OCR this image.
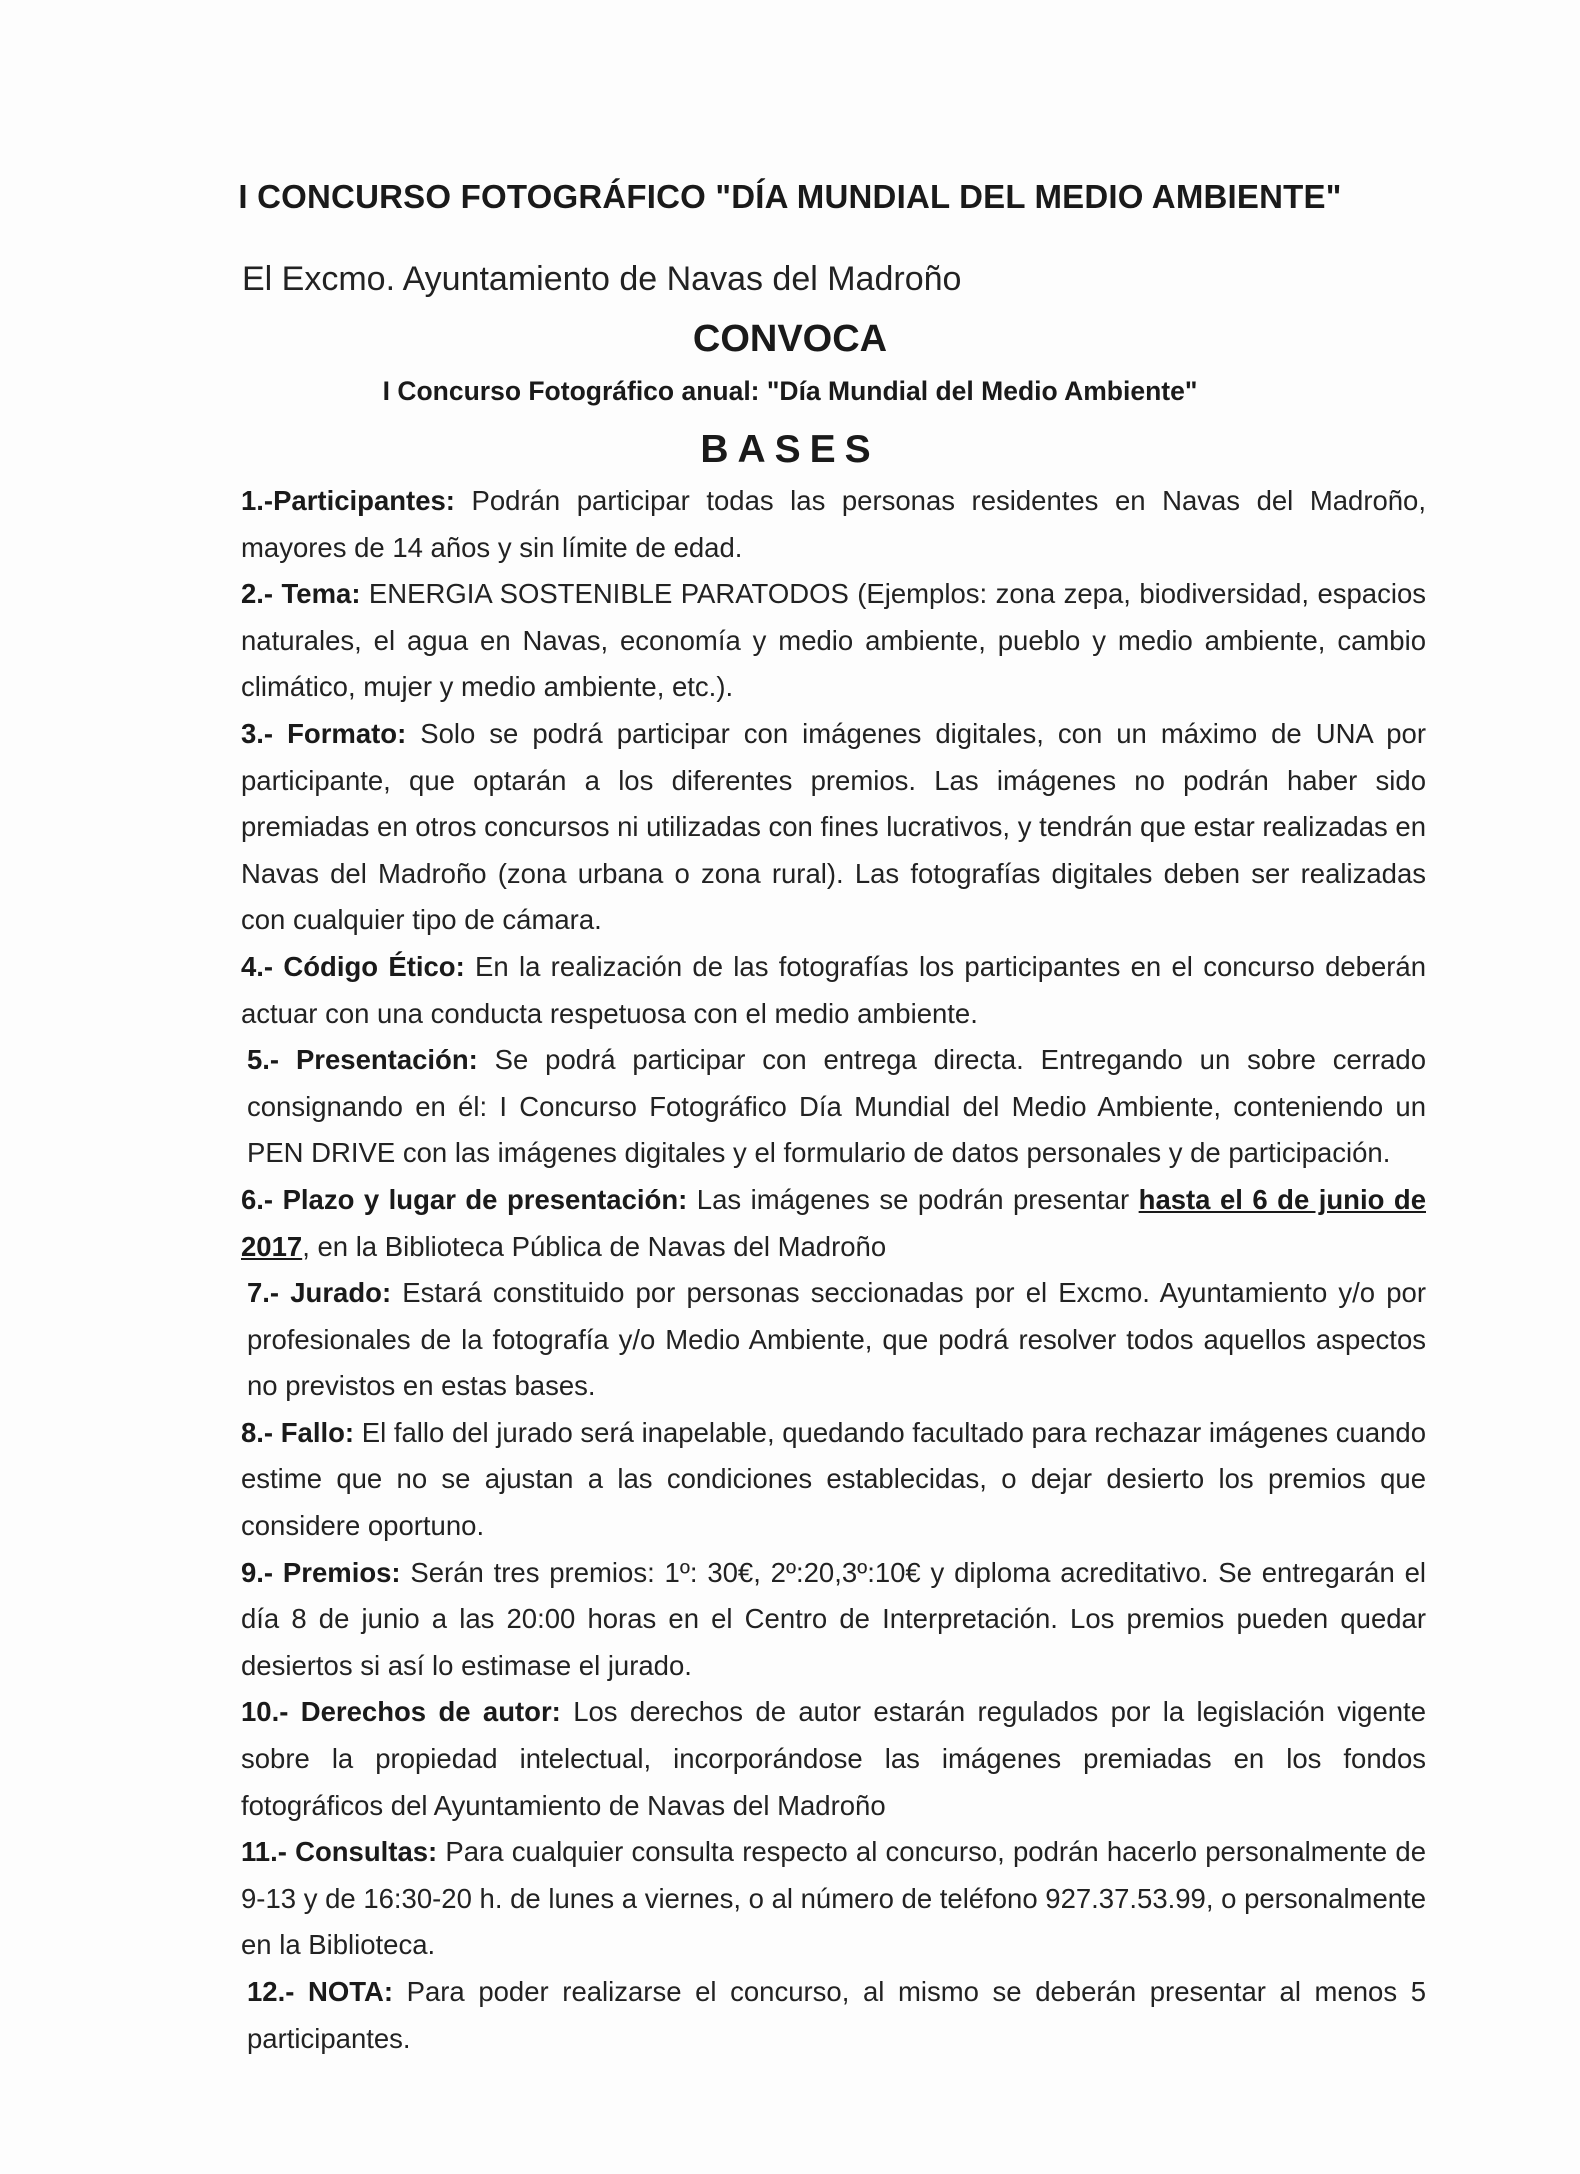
I CONCURSO FOTOGRÁFICO "DÍA MUNDIAL DEL MEDIO AMBIENTE"
El Excmo. Ayuntamiento de Navas del Madroño
CONVOCA
I Concurso Fotográfico anual: "Día Mundial del Medio Ambiente"
BASES

1.-Participantes: Podrán participar todas las personas residentes en Navas del Madroño, mayores de 14 años y sin límite de edad.

2.- Tema: ENERGIA SOSTENIBLE PARATODOS (Ejemplos: zona zepa, biodiversidad, espacios naturales, el agua en Navas, economía y medio ambiente, pueblo y medio ambiente, cambio climático, mujer y medio ambiente, etc.).

3.- Formato: Solo se podrá participar con imágenes digitales, con un máximo de UNA por participante, que optarán a los diferentes premios. Las imágenes no podrán haber sido premiadas en otros concursos ni utilizadas con fines lucrativos, y tendrán que estar realizadas en Navas del Madroño (zona urbana o zona rural). Las fotografías digitales deben ser realizadas con cualquier tipo de cámara.

4.- Código Ético: En la realización de las fotografías los participantes en el concurso deberán actuar con una conducta respetuosa con el medio ambiente.

5.- Presentación: Se podrá participar con entrega directa. Entregando un sobre cerrado consignando en él: I Concurso Fotográfico Día Mundial del Medio Ambiente, conteniendo un PEN DRIVE con las imágenes digitales y el formulario de datos personales y de participación.

6.- Plazo y lugar de presentación: Las imágenes se podrán presentar hasta el 6 de junio de 2017, en la Biblioteca Pública de Navas del Madroño

7.- Jurado: Estará constituido por personas seccionadas por el Excmo. Ayuntamiento y/o por profesionales de la fotografía y/o Medio Ambiente, que podrá resolver todos aquellos aspectos no previstos en estas bases.

8.- Fallo: El fallo del jurado será inapelable, quedando facultado para rechazar imágenes cuando estime que no se ajustan a las condiciones establecidas, o dejar desierto los premios que considere oportuno.

9.- Premios: Serán tres premios: 1º: 30€, 2º:20,3º:10€ y diploma acreditativo. Se entregarán el día 8 de junio a las 20:00 horas en el Centro de Interpretación. Los premios pueden quedar desiertos si así lo estimase el jurado.

10.- Derechos de autor: Los derechos de autor estarán regulados por la legislación vigente sobre la propiedad intelectual, incorporándose las imágenes premiadas en los fondos fotográficos del Ayuntamiento de Navas del Madroño

11.- Consultas: Para cualquier consulta respecto al concurso, podrán hacerlo personalmente de 9-13 y de 16:30-20 h. de lunes a viernes, o al número de teléfono 927.37.53.99, o personalmente en la Biblioteca.

12.- NOTA: Para poder realizarse el concurso, al mismo se deberán presentar al menos 5 participantes.
